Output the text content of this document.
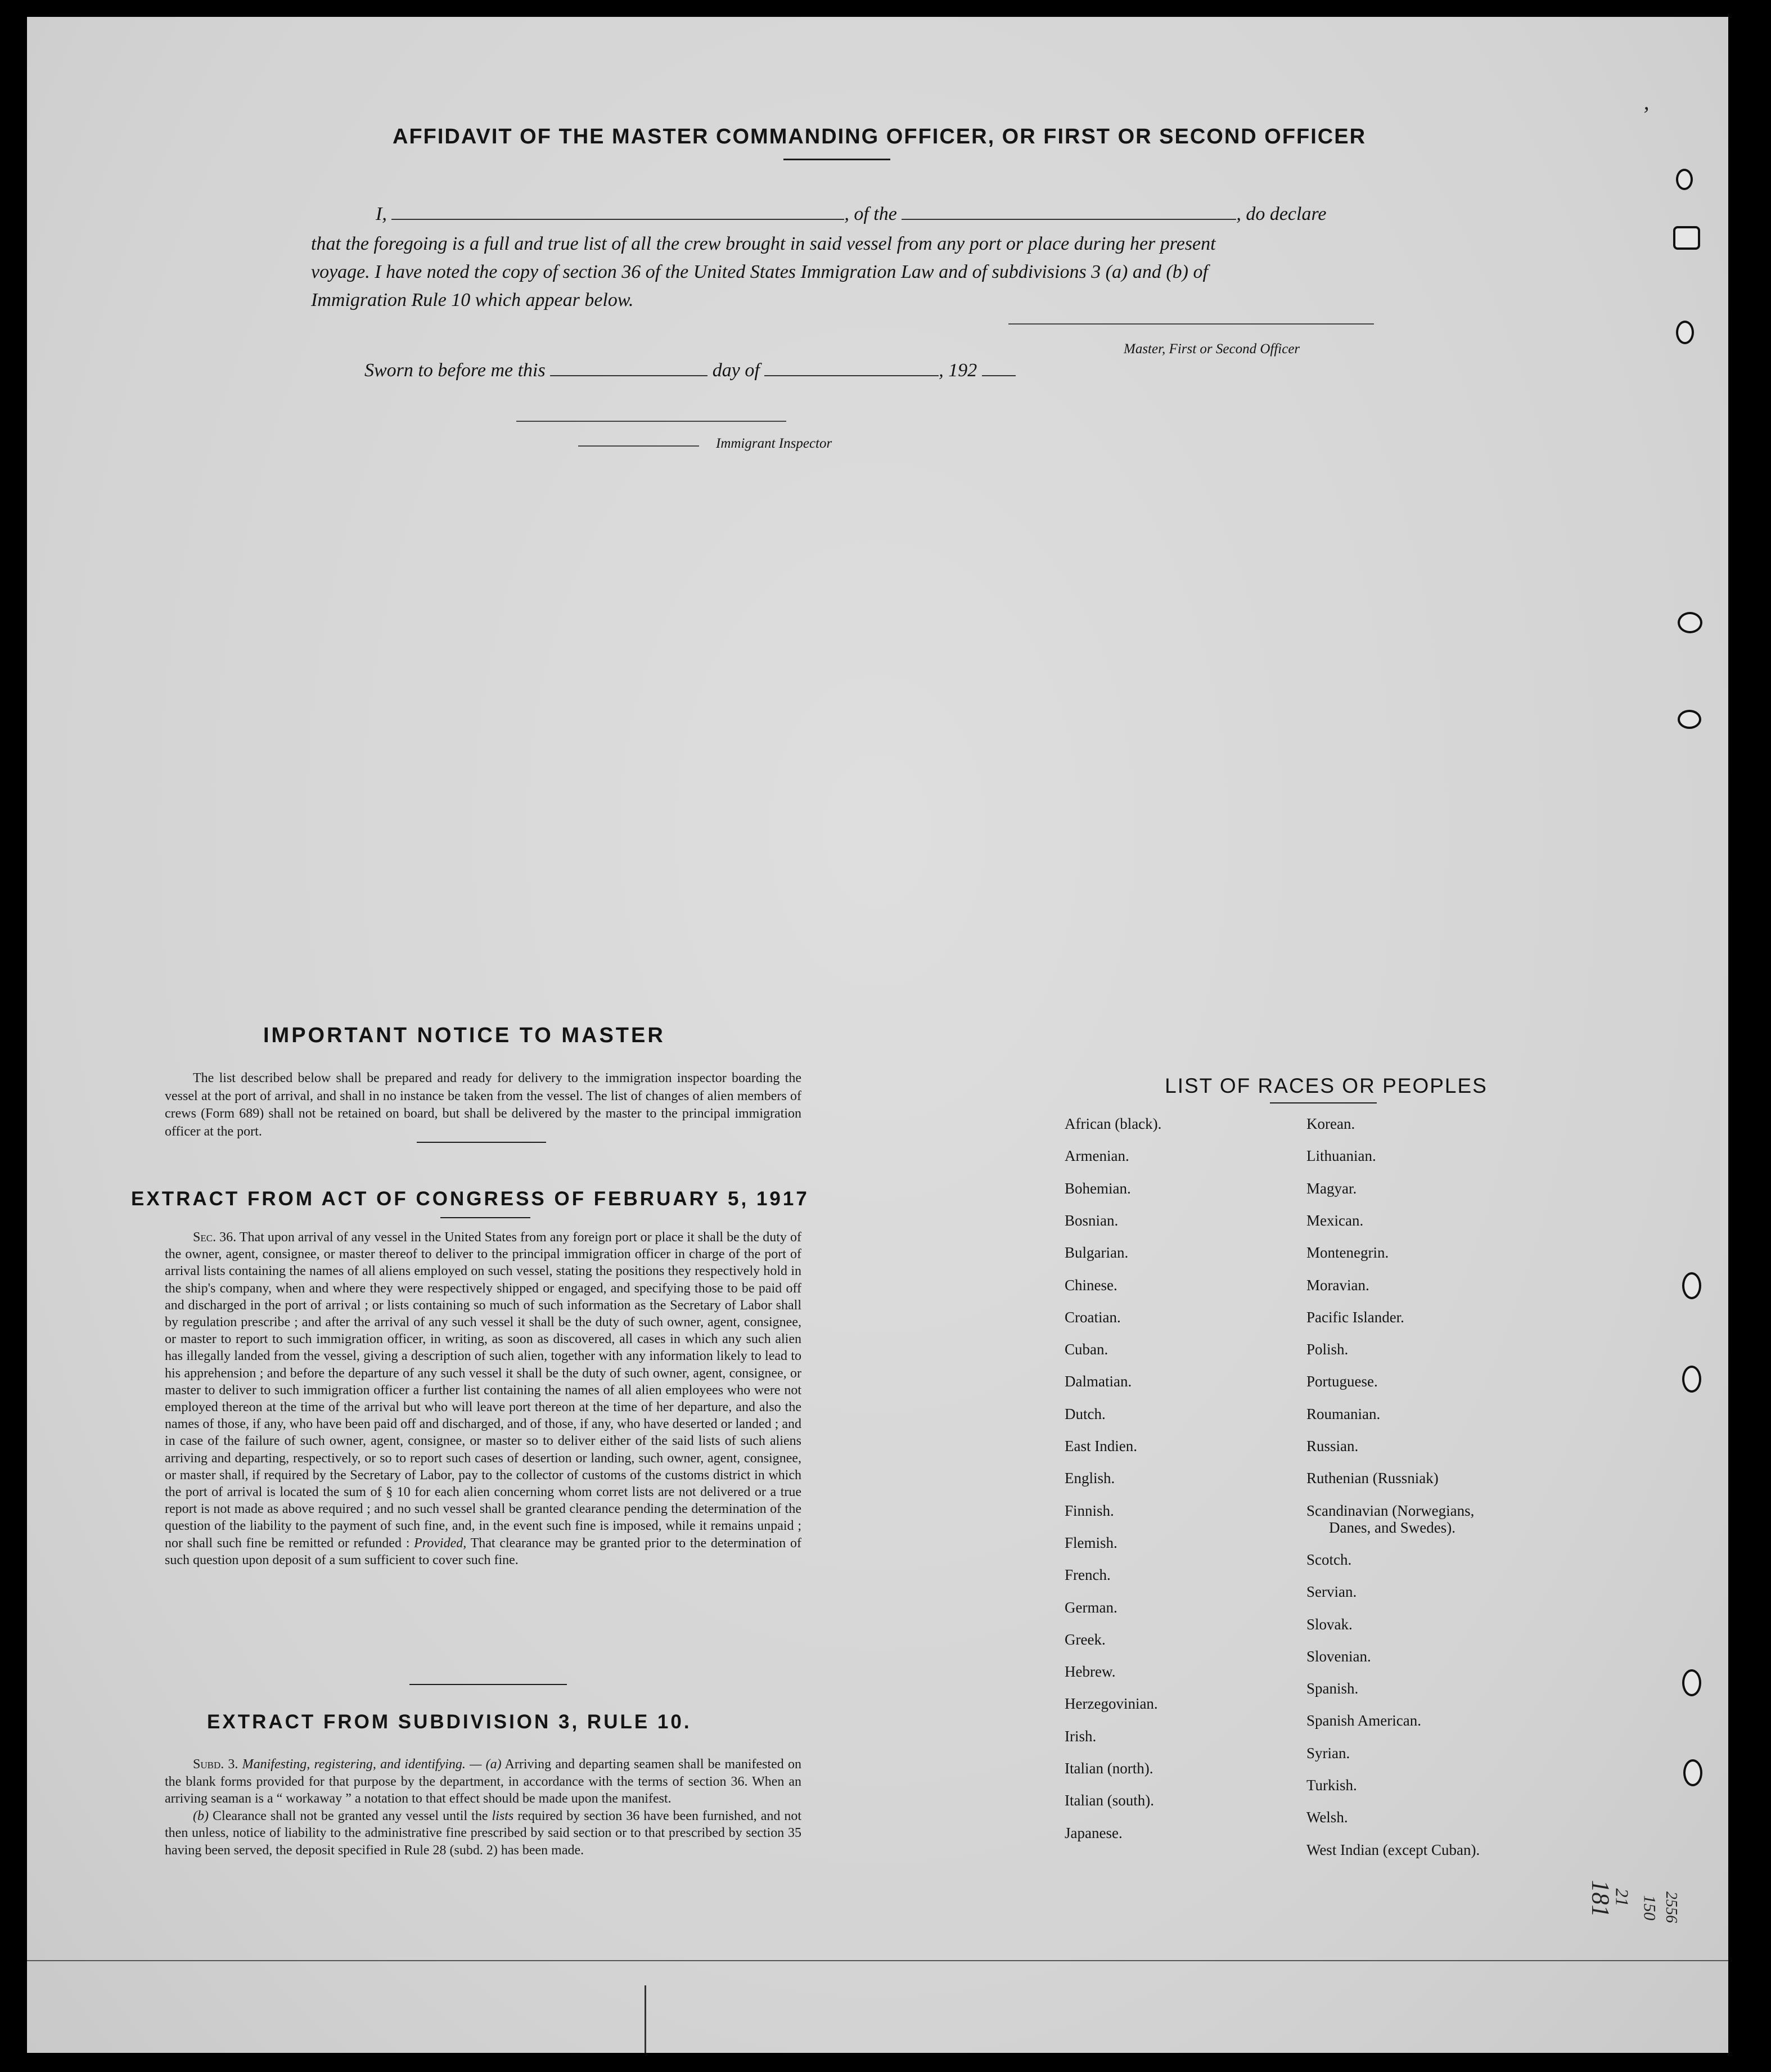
AFFIDAVIT OF THE MASTER COMMANDING OFFICER, OR FIRST OR SECOND OFFICER
I,	, of the	, do declare
that the foregoing is a full and true list of all the crew brought in said vessel from any port or place during her present
voyage. I have noted the copy of section 36 of the United States Immigration Law and of subdivisions 3 (a) and (b) of
Immigration Rule 10 which appear below.
Master, First or Second Officer
Sworn to before me this	day of	, 192
Immigrant Inspector
IMPORTANT NOTICE TO MASTER

The list described below shall be prepared and ready for delivery to the immigration inspector boarding the vessel at the port of arrival, and shall in no instance be taken from the vessel. The list of changes of alien members of crews (Form 689) shall not be retained on board, but shall be delivered by the master to the principal immigration officer at the port.

EXTRACT FROM ACT OF CONGRESS OF FEBRUARY 5, 1917

Sec. 36. That upon arrival of any vessel in the United States from any foreign port or place it shall be the duty of the owner, agent, consignee, or master thereof to deliver to the principal immigration officer in charge of the port of arrival lists containing the names of all aliens employed on such vessel, stating the positions they respectively hold in the ship's company, when and where they were respectively shipped or engaged, and specifying those to be paid off and discharged in the port of arrival ; or lists containing so much of such information as the Secretary of Labor shall by regulation prescribe ; and after the arrival of any such vessel it shall be the duty of such owner, agent, consignee, or master to report to such immigration officer, in writing, as soon as discovered, all cases in which any such alien has illegally landed from the vessel, giving a description of such alien, together with any information likely to lead to his apprehension ; and before the departure of any such vessel it shall be the duty of such owner, agent, consignee, or master to deliver to such immigration officer a further list containing the names of all alien employees who were not employed thereon at the time of the arrival but who will leave port thereon at the time of her departure, and also the names of those, if any, who have been paid off and discharged, and of those, if any, who have deserted or landed ; and in case of the failure of such owner, agent, consignee, or master so to deliver either of the said lists of such aliens arriving and departing, respectively, or so to report such cases of desertion or landing, such owner, agent, consignee, or master shall, if required by the Secretary of Labor, pay to the collector of customs of the customs district in which the port of arrival is located the sum of § 10 for each alien concerning whom corret lists are not delivered or a true report is not made as above required ; and no such vessel shall be granted clearance pending the determination of the question of the liability to the payment of such fine, and, in the event such fine is imposed, while it remains unpaid ; nor shall such fine be remitted or refunded : Provided, That clearance may be granted prior to the determination of such question upon deposit of a sum sufficient to cover such fine.

EXTRACT FROM SUBDIVISION 3, RULE 10.

Subd. 3. Manifesting, registering, and identifying. — (a) Arriving and departing seamen shall be manifested on the blank forms provided for that purpose by the department, in accordance with the terms of section 36. When an arriving seaman is a “ workaway ” a notation to that effect should be made upon the manifest.

(b) Clearance shall not be granted any vessel until the lists required by section 36 have been furnished, and not then unless, notice of liability to the administrative fine prescribed by said section or to that prescribed by section 35 having been served, the deposit specified in Rule 28 (subd. 2) has been made.

LIST OF RACES OR PEOPLES
African (black).
Armenian.
Bohemian.
Bosnian.
Bulgarian.
Chinese.
Croatian.
Cuban.
Dalmatian.
Dutch.
East Indien.
English.
Finnish.
Flemish.
French.
German.
Greek.
Hebrew.
Herzegovinian.
Irish.
Italian (north).
Italian (south).
Japanese.
Korean.
Lithuanian.
Magyar.
Mexican.
Montenegrin.
Moravian.
Pacific Islander.
Polish.
Portuguese.
Roumanian.
Russian.
Ruthenian (Russniak)
Scandinavian (Norwegians,
Danes, and Swedes).
Scotch.
Servian.
Slovak.
Slovenian.
Spanish.
Spanish American.
Syrian.
Turkish.
Welsh.
West Indian (except Cuban).
’
181
21 150 2556
